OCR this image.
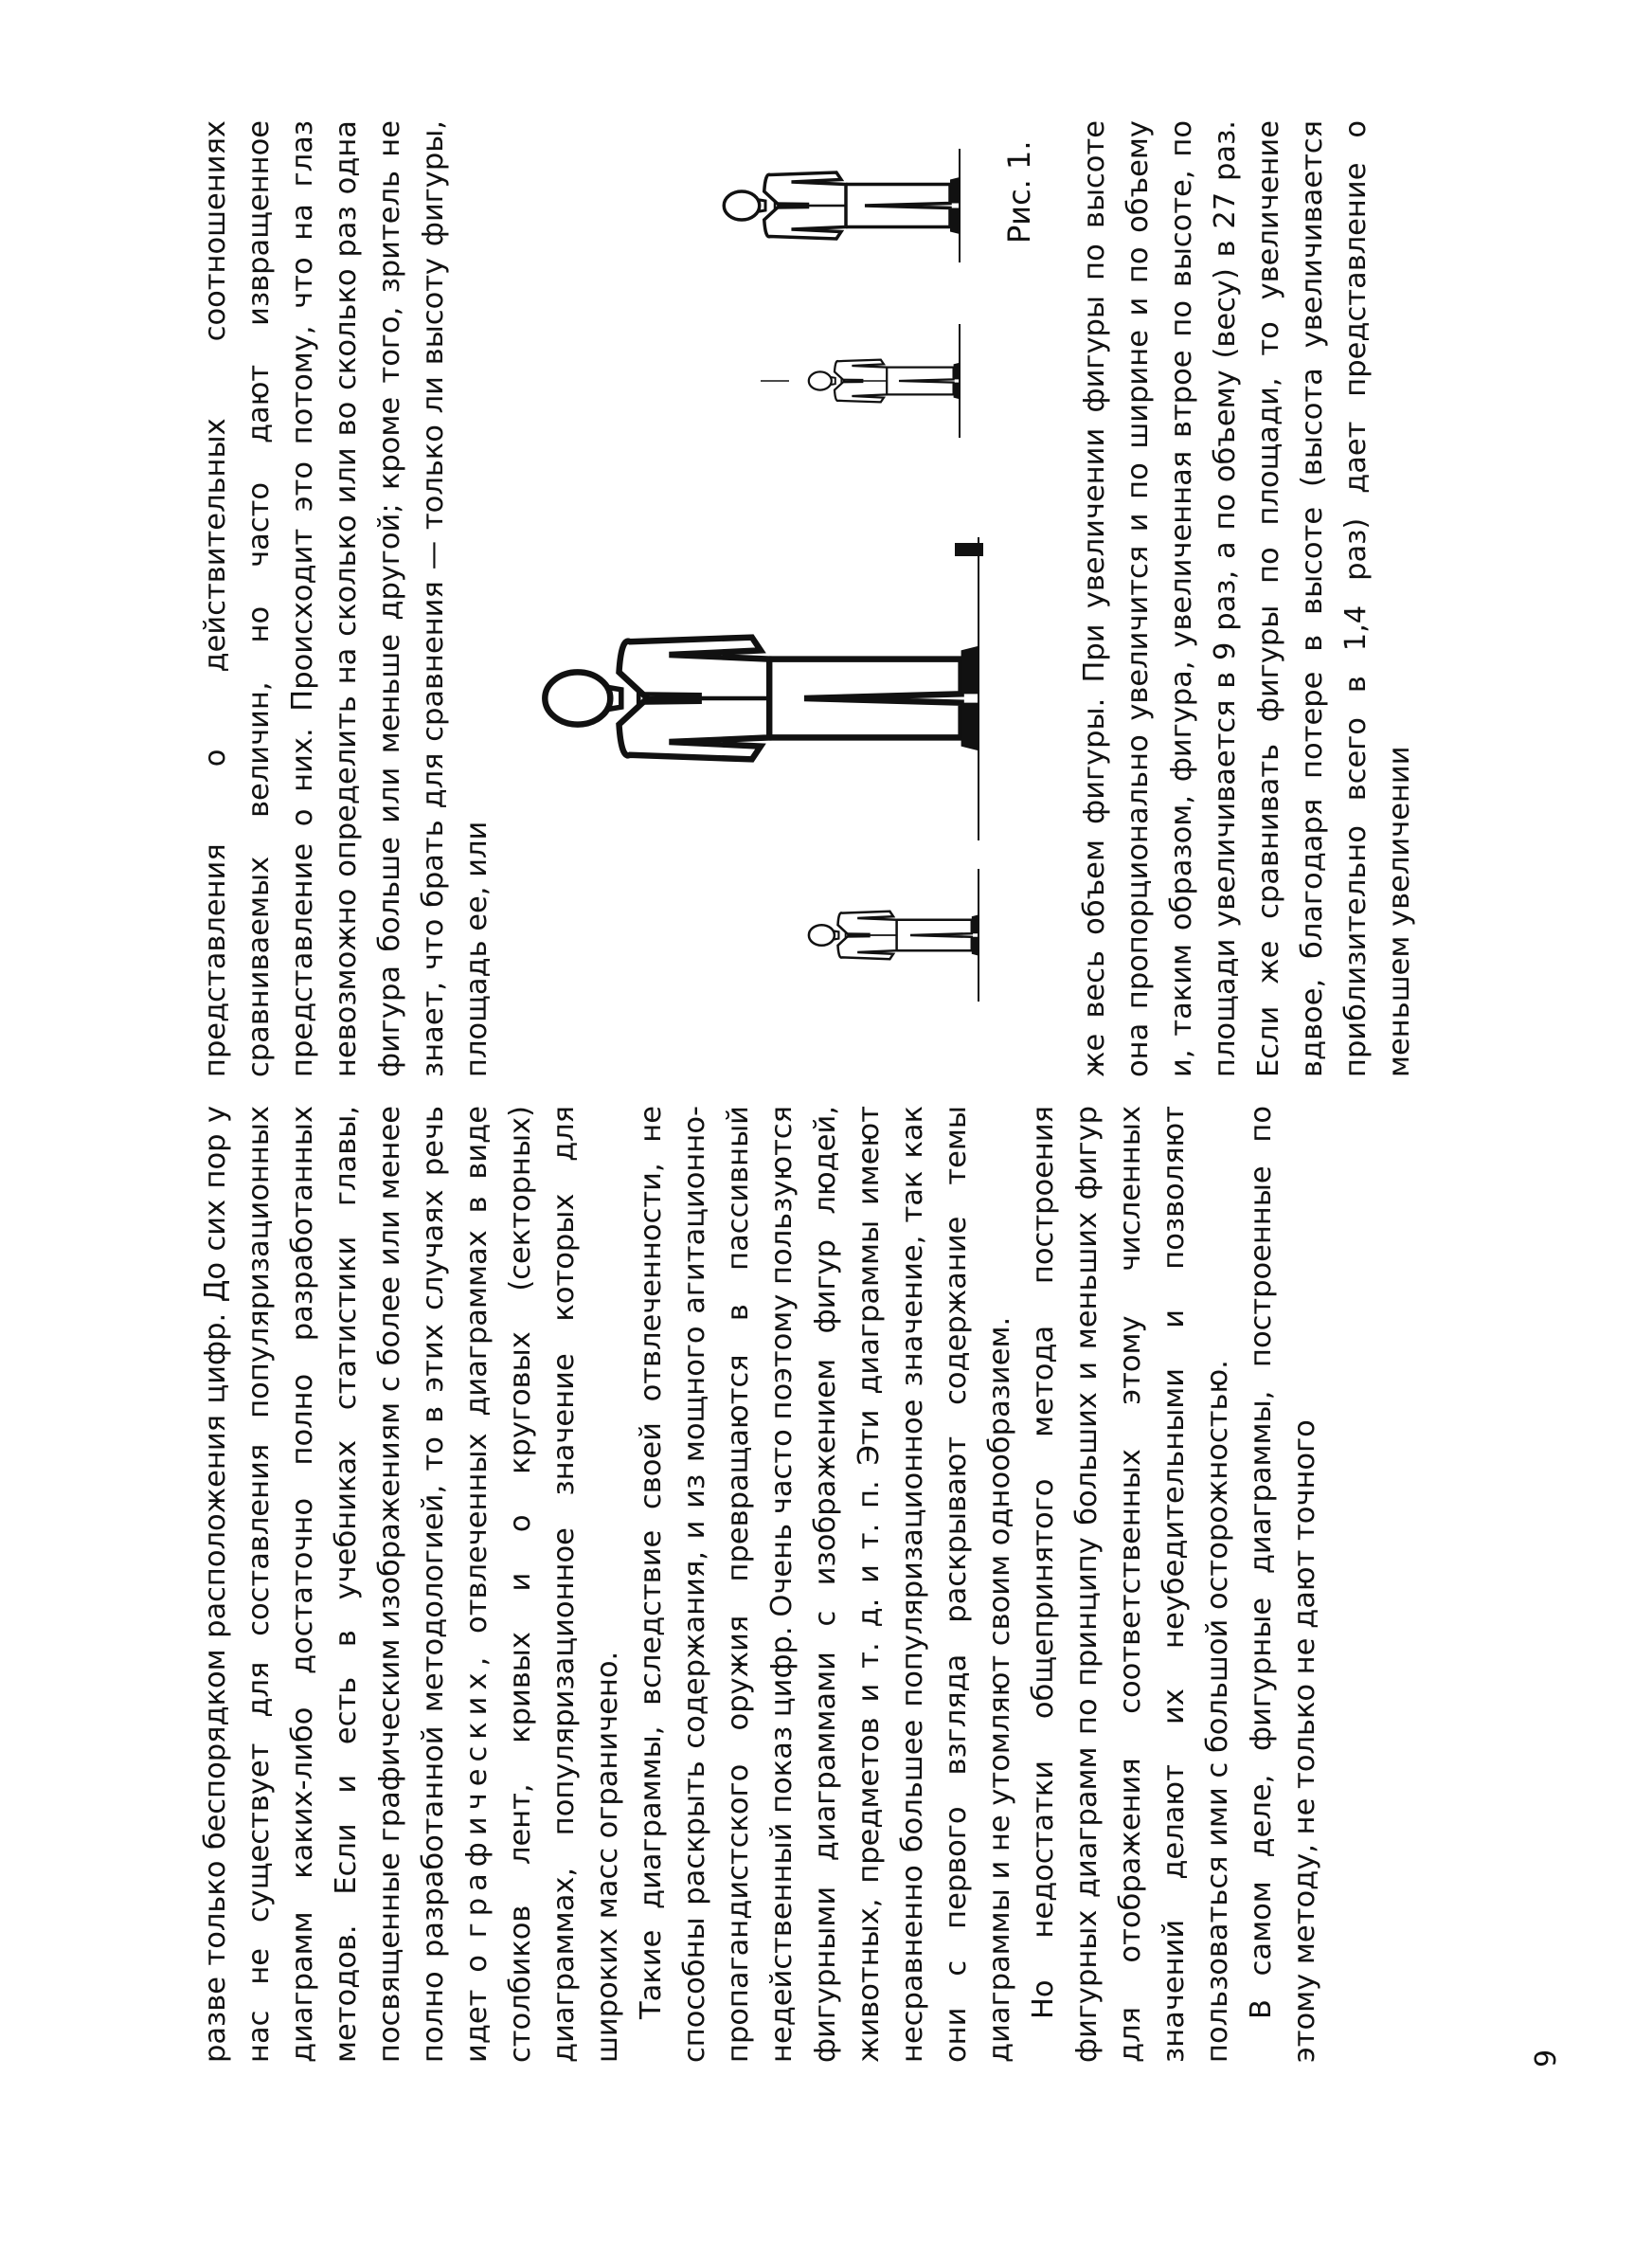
разве только беспорядком расположения цифр. До сих пор у нас не существует для составления популяризационных диаграмм каких-либо достаточно полно разработанных методов. Если и есть в учебниках статистики главы, посвященные графическим изображениям с более или менее полно разработанной методологией, то в этих случаях речь идет о графических, отвлеченных диаграммах в виде столбиков лент, кривых и о круговых (секторных) диаграммах, популяризационное значение которых для широких масс ограничено. Такие диаграммы, вследствие своей отвлеченности, не способны раскрыть содержания, и из мощного агитационно-пропагандистского оружия превращаются в пассивный недейственный показ цифр. Очень часто поэтому пользуются фигурными диаграммами с изображением фигур людей, животных, предметов и т. д. и т. п. Эти диаграммы имеют несравненно большее популяризационное значение, так как они с первого взгляда раскрывают содержание темы диаграммы и не утомляют своим однообразием. Но недостатки общепринятого метода построения фигурных диаграмм по принципу больших и меньших фигур для отображения соответственных этому численных значений делают их неубедительными и позволяют пользоваться ими с большой осторожностью. В самом деле, фигурные диаграммы, построенные по этому методу, не только не дают точного

представления о действительных соотношениях сравниваемых величин, но часто дают извращенное представление о них. Происходит это потому, что на глаз невозможно определить на сколько или во сколько раз одна фигура больше или меньше другой; кроме того, зритель не знает, что брать для сравнения — только ли высоту фигуры, площадь ее, или

Рис. 1. же весь объем фигуры. При увеличении фигуры по высоте она пропорционально увеличится и по ширине и по объему и, таким образом, фигура, увеличенная втрое по высоте, по площади увеличивается в 9 раз, а по объему (весу) в 27 раз. Если же сравнивать фигуры по площади, то увеличение вдвое, благодаря потере в высоте (высота увеличивается приблизительно всего в 1,4 раз) дает представление о меньшем увеличении

6
